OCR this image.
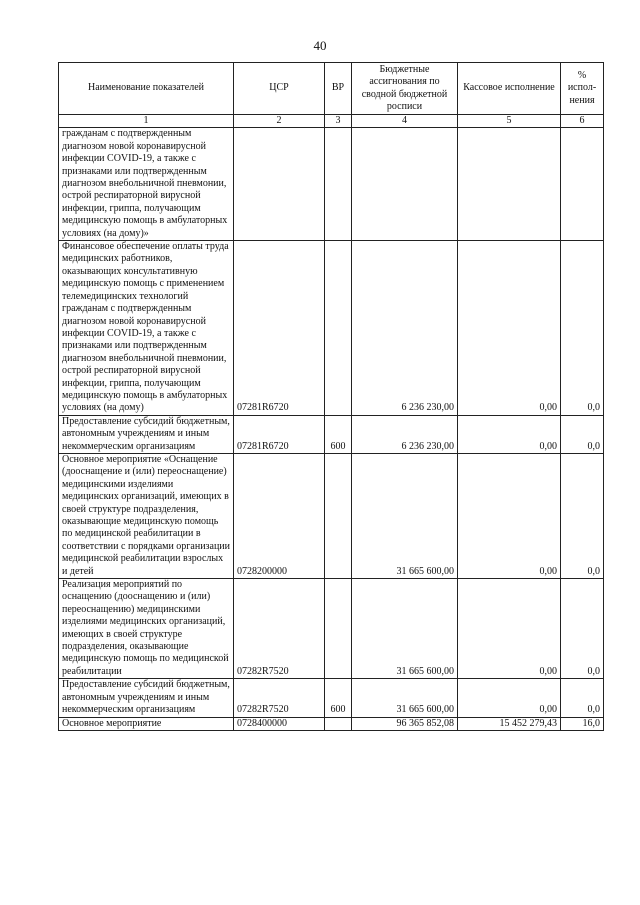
40
Наименование показателей	ЦСР	ВР	Бюджетные ассигнования по сводной бюджетной росписи	Кассовое исполнение	% испол-нения
1	2	3	4	5	6
гражданам с подтвержденным диагнозом новой коронавирусной инфекции COVID-19, а также с признаками или подтвержденным диагнозом внебольничной пневмонии, острой респираторной вирусной инфекции, гриппа, получающим медицинскую помощь в амбулаторных условиях (на дому)»					
Финансовое обеспечение оплаты труда медицинских работников, оказывающих консультативную медицинскую помощь с применением телемедицинских технологий гражданам с подтвержденным диагнозом новой коронавирусной инфекции COVID-19, а также с признаками или подтвержденным диагнозом внебольничной пневмонии, острой респираторной вирусной инфекции, гриппа, получающим медицинскую помощь в амбулаторных условиях (на дому)	07281R6720		6 236 230,00	0,00	0,0
Предоставление субсидий бюджетным, автономным учреждениям и иным некоммерческим организациям	07281R6720	600	6 236 230,00	0,00	0,0
Основное мероприятие «Оснащение (дооснащение и (или) переоснащение) медицинскими изделиями медицинских организаций, имеющих в своей структуре подразделения, оказывающие медицинскую помощь по медицинской реабилитации в соответствии с порядками организации медицинской реабилитации взрослых и детей	0728200000		31 665 600,00	0,00	0,0
Реализация мероприятий по оснащению (дооснащению и (или) переоснащению) медицинскими изделиями медицинских организаций, имеющих в своей структуре подразделения, оказывающие медицинскую помощь по медицинской реабилитации	07282R7520		31 665 600,00	0,00	0,0
Предоставление субсидий бюджетным, автономным учреждениям и иным некоммерческим организациям	07282R7520	600	31 665 600,00	0,00	0,0
Основное мероприятие	0728400000		96 365 852,08	15 452 279,43	16,0
